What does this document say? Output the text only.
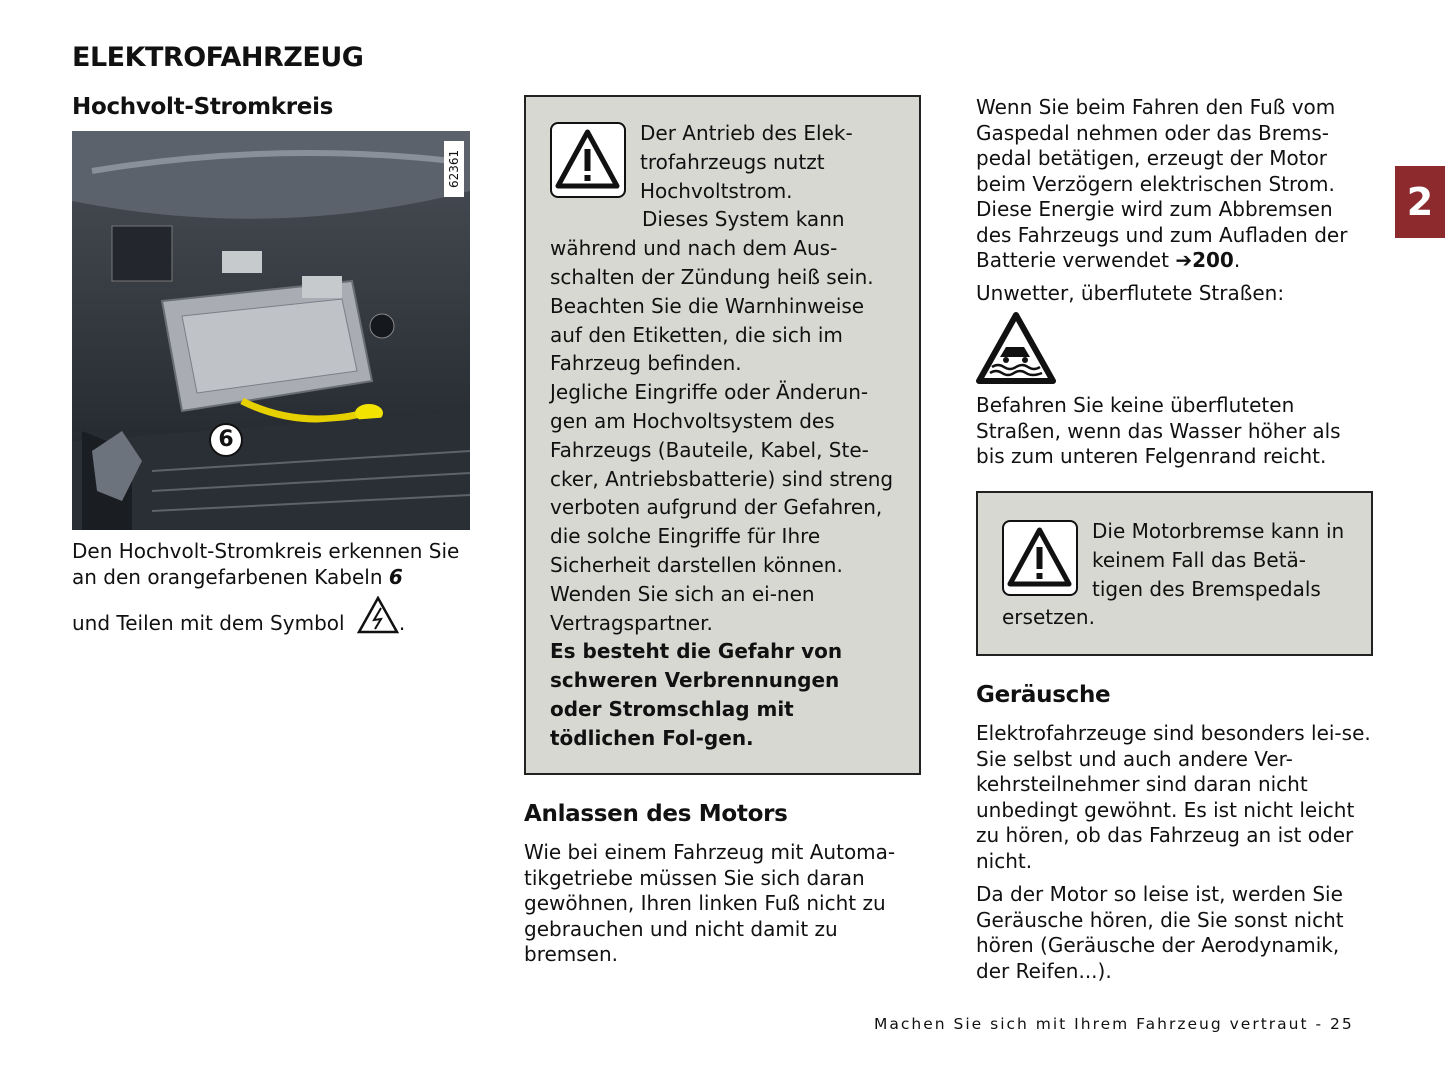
ELEKTROFAHRZEUG
Hochvolt-Stromkreis
62361
6
Den Hochvolt-Stromkreis erkennen Sie an den orangefarbenen Kabeln 6
und Teilen mit dem Symbol	.
Der Antrieb des Elek-
trofahrzeugs nutzt
Hochvoltstrom.

Dieses System kann
während und nach dem Aus-schalten der Zündung heiß sein. Beachten Sie die Warnhinweise auf den Etiketten, die sich im Fahrzeug befinden.
Jegliche Eingriffe oder Änderun-gen am Hochvoltsystem des Fahrzeugs (Bauteile, Kabel, Ste-cker, Antriebsbatterie) sind streng verboten aufgrund der Gefahren, die solche Eingriffe für Ihre Sicherheit darstellen können. Wenden Sie sich an ei-nen Vertragspartner.
Es besteht die Gefahr von schweren Verbrennungen oder Stromschlag mit tödlichen Fol-gen.
Anlassen des Motors
Wie bei einem Fahrzeug mit Automa-tikgetriebe müssen Sie sich daran gewöhnen, Ihren linken Fuß nicht zu gebrauchen und nicht damit zu bremsen.
Wenn Sie beim Fahren den Fuß vom Gaspedal nehmen oder das Brems-pedal betätigen, erzeugt der Motor beim Verzögern elektrischen Strom. Diese Energie wird zum Abbremsen des Fahrzeugs und zum Aufladen der Batterie verwendet ➔200.
Unwetter, überflutete Straßen:
Befahren Sie keine überfluteten Straßen, wenn das Wasser höher als bis zum unteren Felgenrand reicht.
Die Motorbremse kann in keinem Fall das Betä-tigen des Bremspedals ersetzen.
Geräusche
Elektrofahrzeuge sind besonders lei-se. Sie selbst und auch andere Ver-kehrsteilnehmer sind daran nicht unbedingt gewöhnt. Es ist nicht leicht zu hören, ob das Fahrzeug an ist oder nicht.
Da der Motor so leise ist, werden Sie Geräusche hören, die Sie sonst nicht hören (Geräusche der Aerodynamik, der Reifen...).
2
Machen Sie sich mit Ihrem Fahrzeug vertraut - 25
